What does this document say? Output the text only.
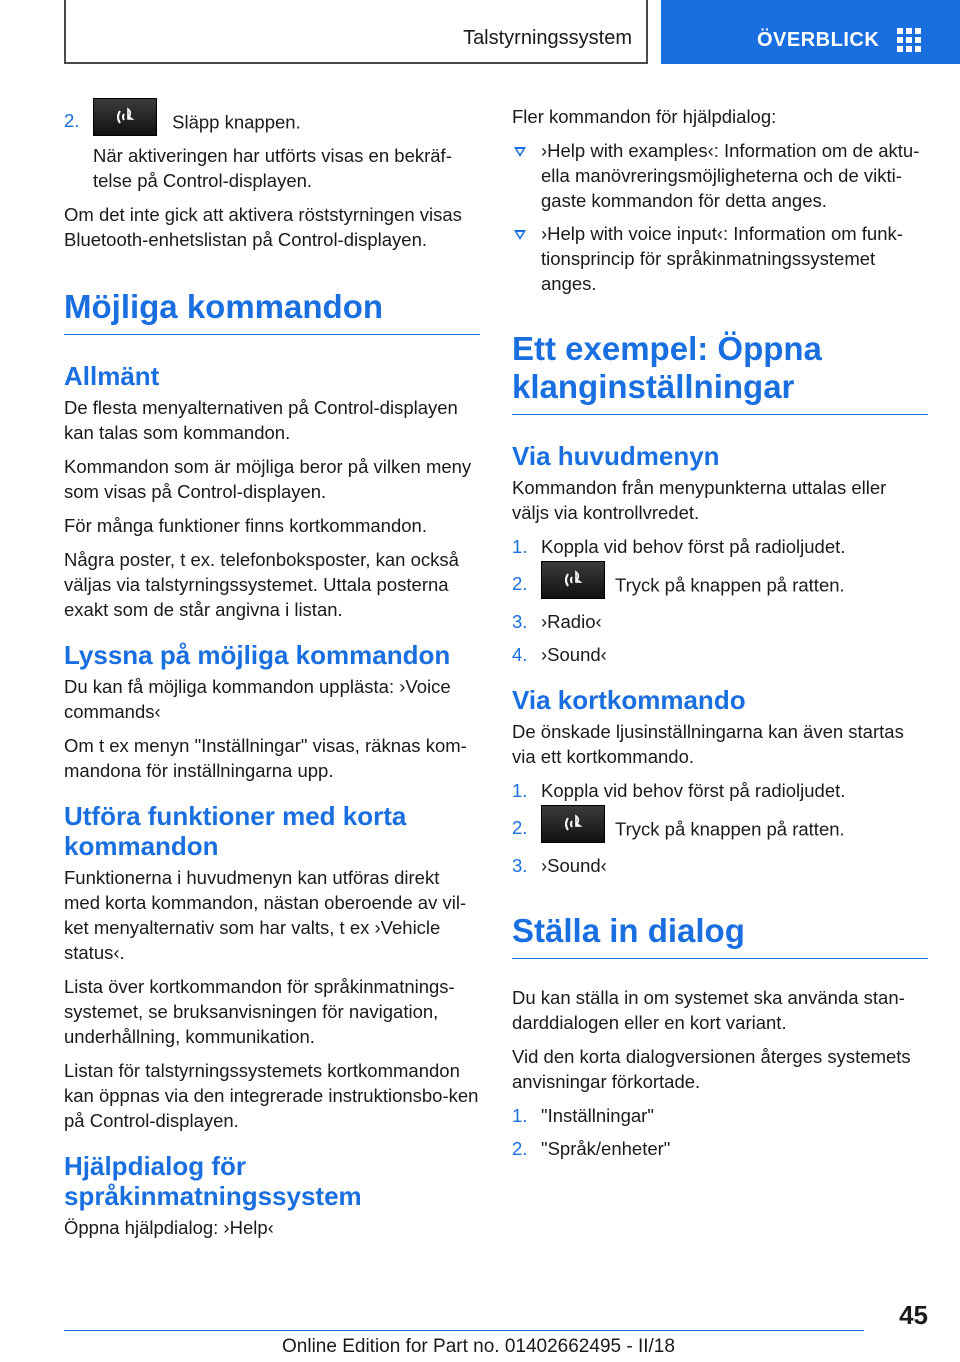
Talstyrningssystem	ÖVERBLICK
2.	Släpp knappen.

När aktiveringen har utförts visas en bekräf‐telse på Control-displayen.

Om det inte gick att aktivera röststyrningen visas Bluetooth-enhetslistan på Control-displayen.

Möjliga kommandon
Allmänt

De flesta menyalternativen på Control-displayen kan talas som kommandon.

Kommandon som är möjliga beror på vilken meny som visas på Control-displayen.

För många funktioner finns kortkommandon.

Några poster, t ex. telefonboksposter, kan också väljas via talstyrningssystemet. Uttala posterna exakt som de står angivna i listan.

Lyssna på möjliga kommandon

Du kan få möjliga kommandon upplästa: ›Voice commands‹

Om t ex menyn "Inställningar" visas, räknas kom‐mandona för inställningarna upp.

Utföra funktioner med korta kommandon

Funktionerna i huvudmenyn kan utföras direkt med korta kommandon, nästan oberoende av vil‐ket menyalternativ som har valts, t ex ›Vehicle status‹.

Lista över kortkommandon för språkinmatnings‐systemet, se bruksanvisningen för navigation, underhållning, kommunikation.

Listan för talstyrningssystemets kortkommandon kan öppnas via den integrerade instruktionsbo‐ken på Control-displayen.

Hjälpdialog för språkinmatningssystem

Öppna hjälpdialog: ›Help‹

Fler kommandon för hjälpdialog:

›Help with examples‹: Information om de aktu‐ella manövreringsmöjligheterna och de vikti‐gaste kommandon för detta anges.
›Help with voice input‹: Information om funk‐tionsprincip för språkinmatningssystemet anges.
Ett exempel: Öppna klanginställningar
Via huvudmenyn

Kommandon från menypunkterna uttalas eller väljs via kontrollvredet.

1. Koppla vid behov först på radioljudet.
2.	Tryck på knappen på ratten.
3. ›Radio‹
4. ›Sound‹
Via kortkommando

De önskade ljusinställningarna kan även startas via ett kortkommando.

1. Koppla vid behov först på radioljudet.
2.	Tryck på knappen på ratten.
3. ›Sound‹
Ställa in dialog

Du kan ställa in om systemet ska använda stan‐darddialogen eller en kort variant.

Vid den korta dialogversionen återges systemets anvisningar förkortade.

1. "Inställningar"
2. "Språk/enheter"
45
Online Edition for Part no. 01402662495 - II/18
